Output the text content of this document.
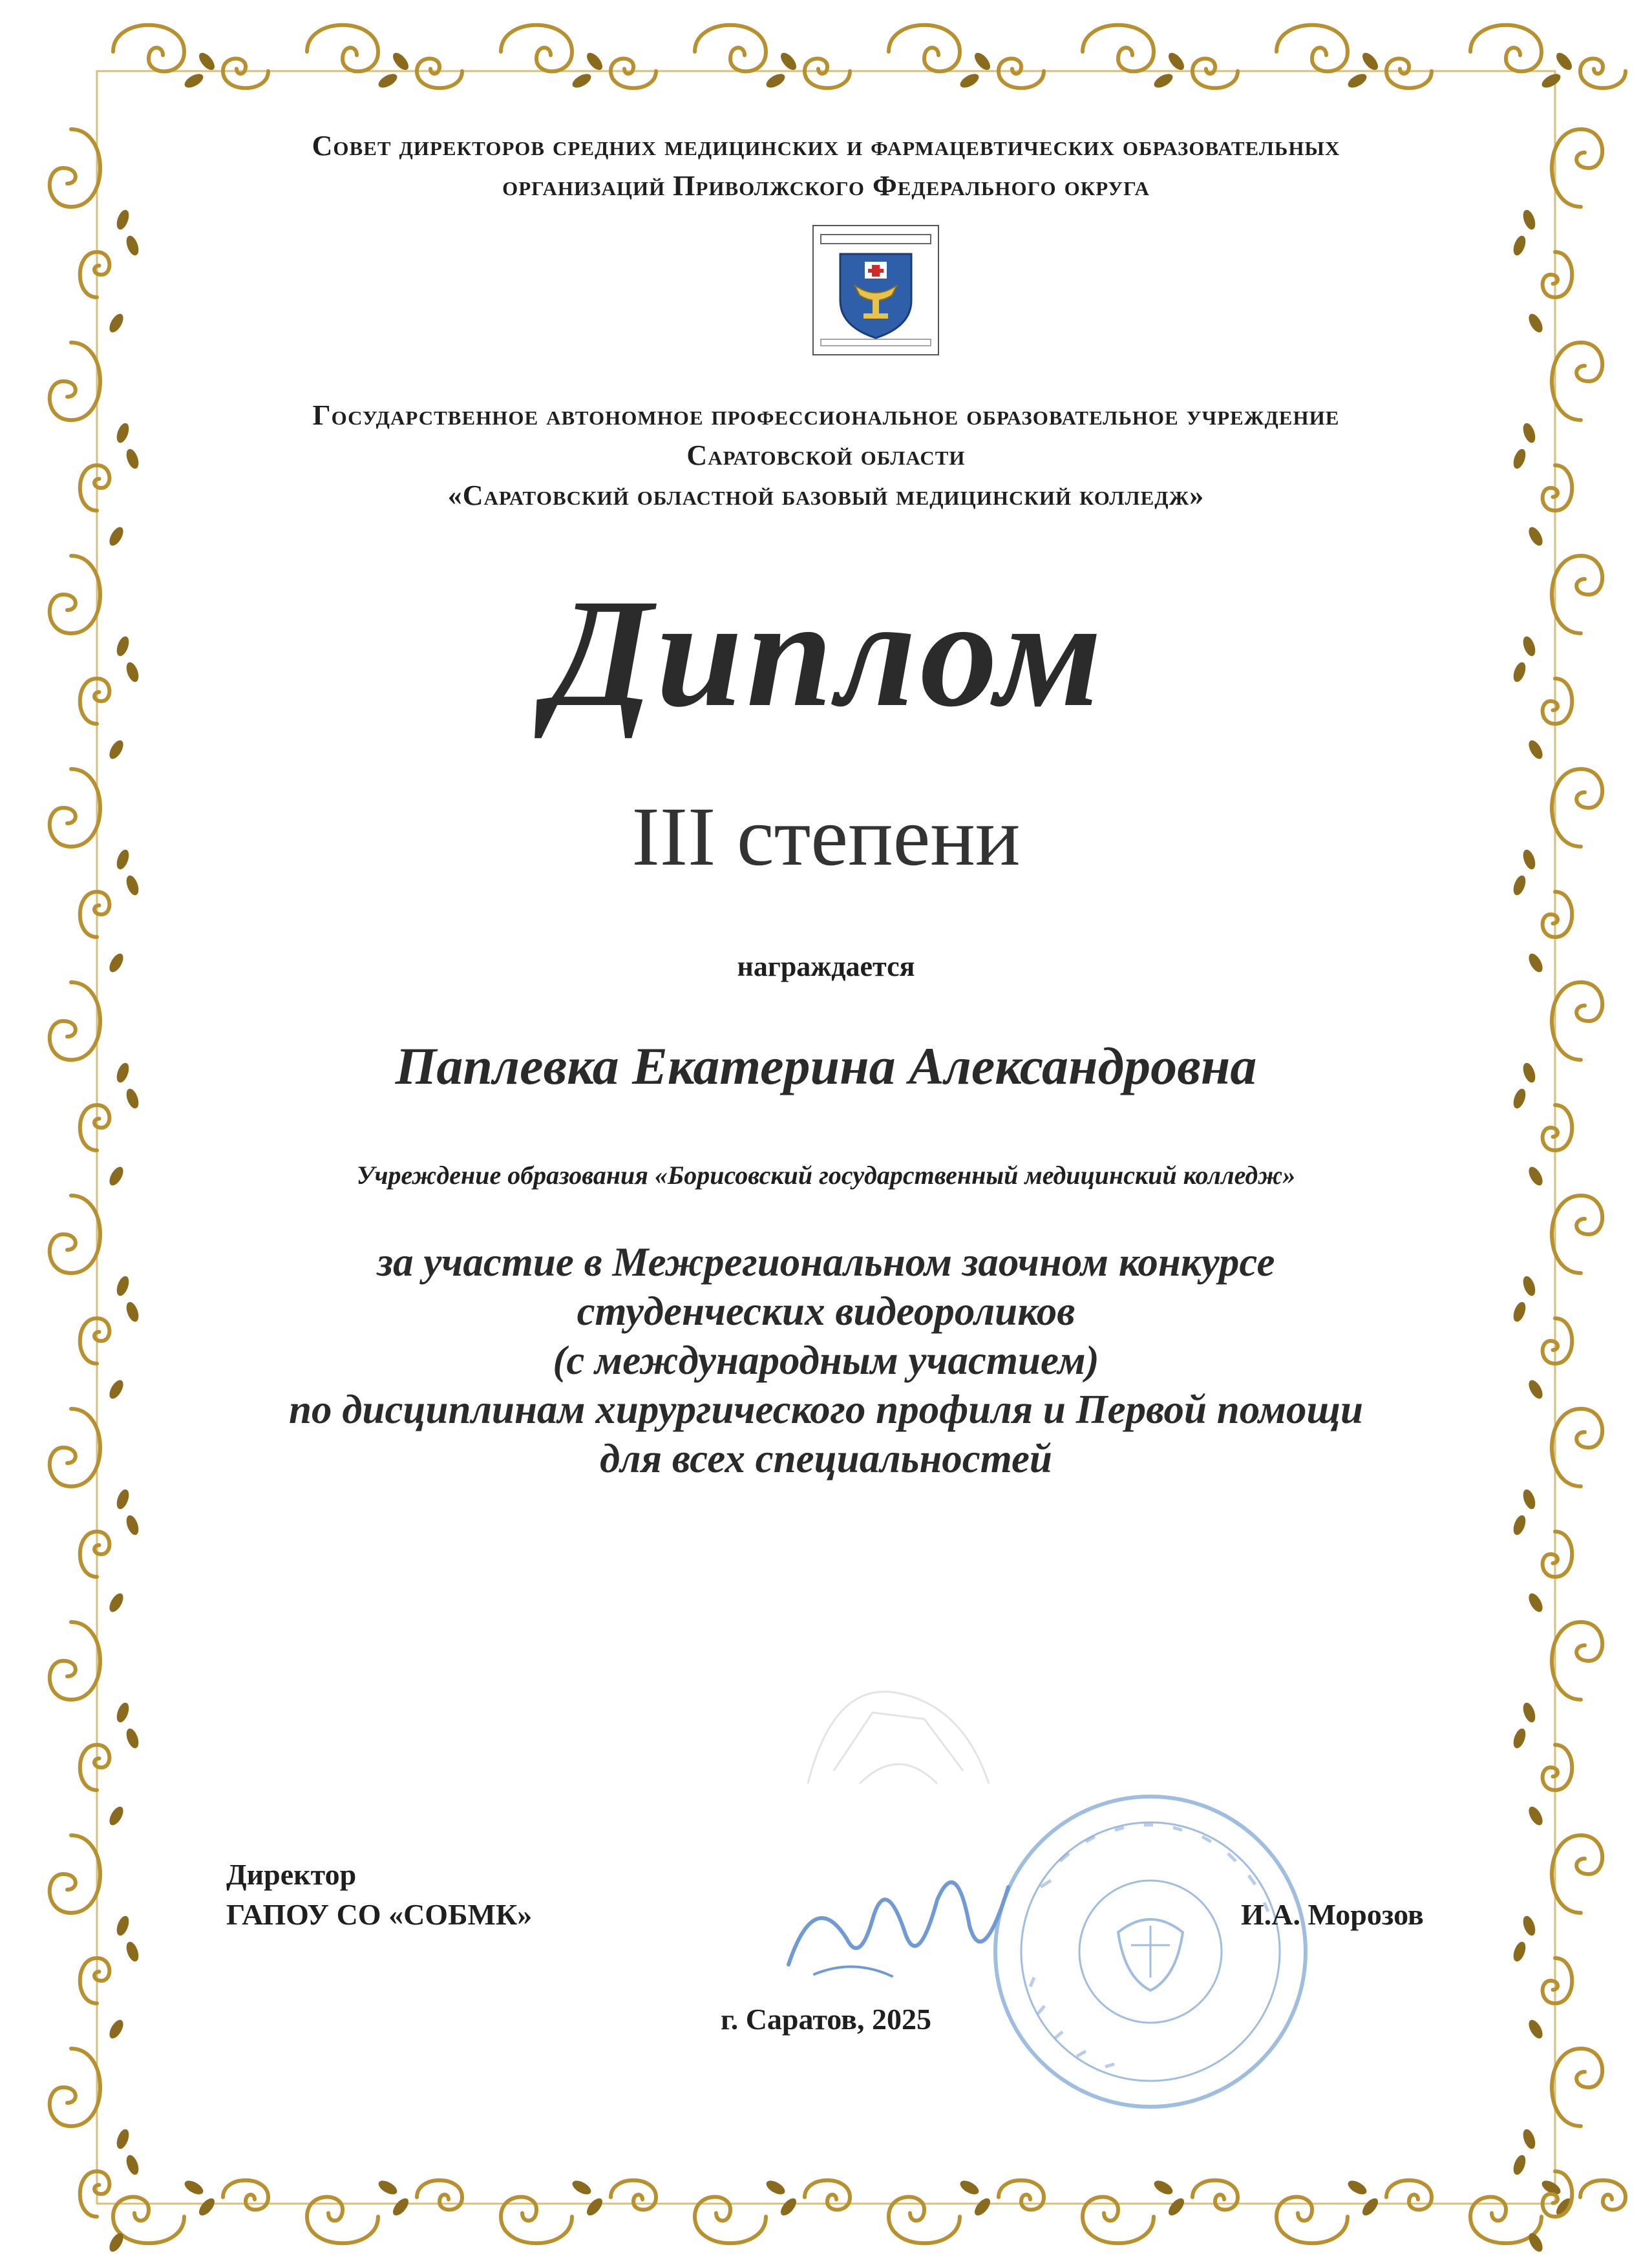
Совет директоров средних медицинских и фармацевтических образовательных
организаций Приволжского Федерального округа
Государственное автономное профессиональное образовательное учреждение
Саратовской области
«Саратовский областной базовый медицинский колледж»
Диплом
III степени
награждается
Паплевка Екатерина Александровна
Учреждение образования «Борисовский государственный медицинский колледж»
за участие в Межрегиональном заочном конкурсе
студенческих видеороликов
(с международным участием)
по дисциплинам хирургического профиля и Первой помощи
для всех специальностей
Директор
ГАПОУ СО «СОБМК»	И.А. Морозов
г. Саратов, 2025
